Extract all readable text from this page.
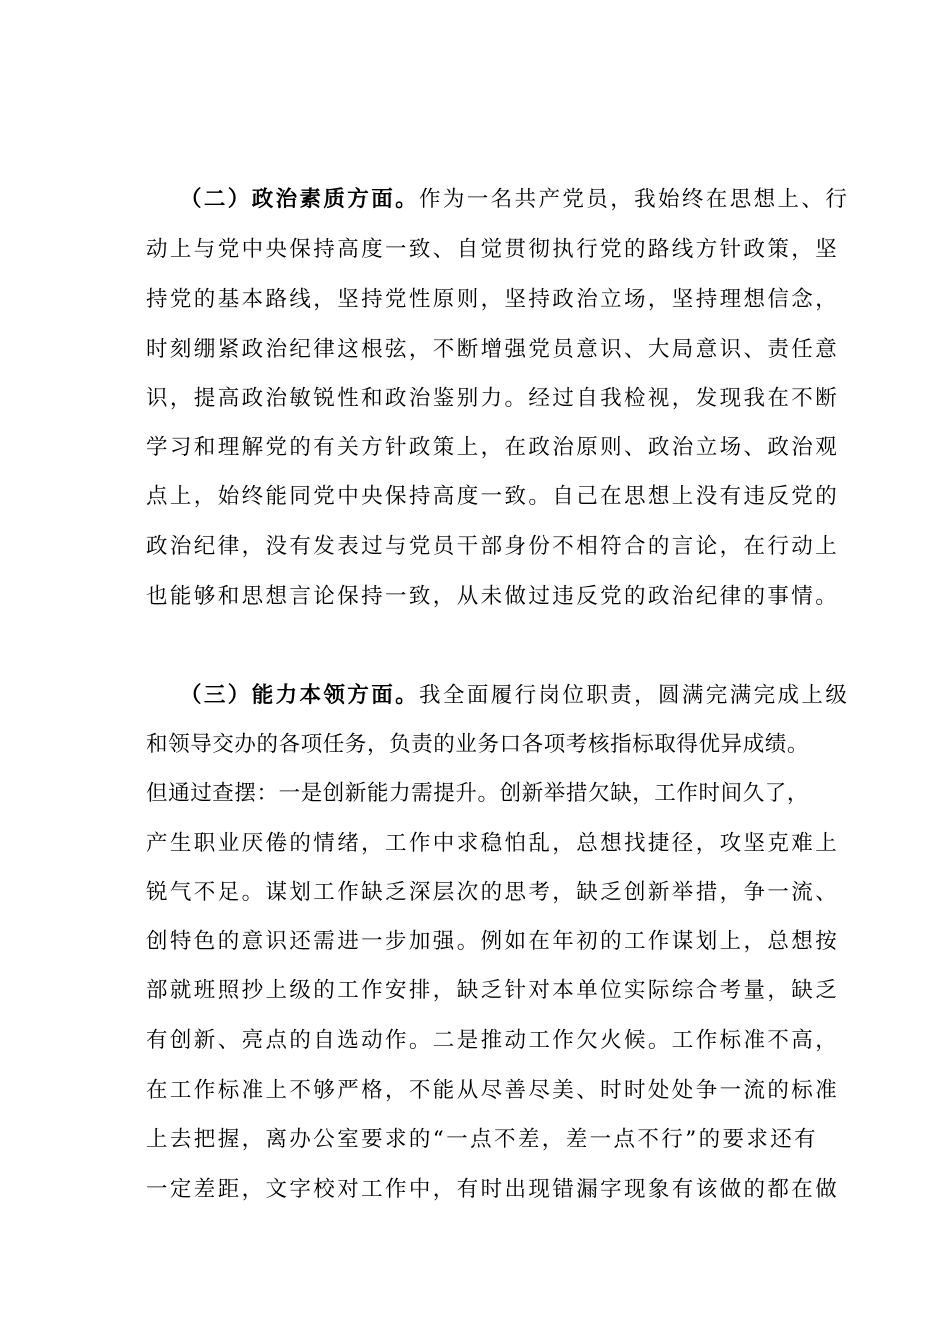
（二）政治素质方面。作为一名共产党员，我始终在思想上、行
动上与党中央保持高度一致、自觉贯彻执行党的路线方针政策，坚
持党的基本路线，坚持党性原则，坚持政治立场，坚持理想信念，
时刻绷紧政治纪律这根弦，不断增强党员意识、大局意识、责任意
识，提高政治敏锐性和政治鉴别力。经过自我检视，发现我在不断
学习和理解党的有关方针政策上，在政治原则、政治立场、政治观
点上，始终能同党中央保持高度一致。自己在思想上没有违反党的
政治纪律，没有发表过与党员干部身份不相符合的言论，在行动上
也能够和思想言论保持一致，从未做过违反党的政治纪律的事情。
（三）能力本领方面。我全面履行岗位职责，圆满完满完成上级
和领导交办的各项任务，负责的业务口各项考核指标取得优异成绩。
但通过查摆：一是创新能力需提升。创新举措欠缺，工作时间久了，
产生职业厌倦的情绪，工作中求稳怕乱，总想找捷径，攻坚克难上
锐气不足。谋划工作缺乏深层次的思考，缺乏创新举措，争一流、
创特色的意识还需进一步加强。例如在年初的工作谋划上，总想按
部就班照抄上级的工作安排，缺乏针对本单位实际综合考量，缺乏
有创新、亮点的自选动作。二是推动工作欠火候。工作标准不高，
在工作标准上不够严格，不能从尽善尽美、时时处处争一流的标准
上去把握，离办公室要求的“一点不差，差一点不行”的要求还有
一定差距，文字校对工作中，有时出现错漏字现象有该做的都在做
